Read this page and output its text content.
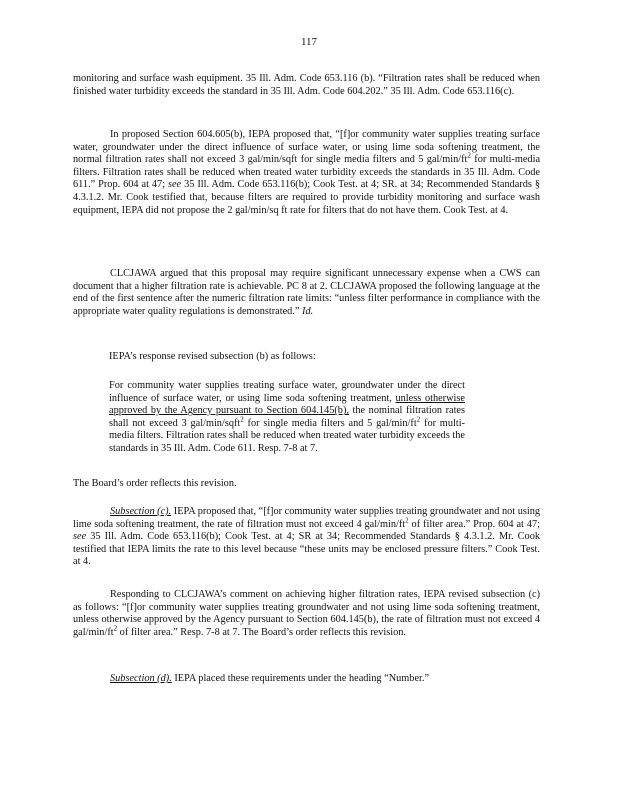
117

monitoring and surface wash equipment. 35 Ill. Adm. Code 653.116 (b). “Filtration rates shall be reduced when finished water turbidity exceeds the standard in 35 Ill. Adm. Code 604.202.” 35 Ill. Adm. Code 653.116(c).

In proposed Section 604.605(b), IEPA proposed that, “[f]or community water supplies treating surface water, groundwater under the direct influence of surface water, or using lime soda softening treatment, the normal filtration rates shall not exceed 3 gal/min/sqft for single media filters and 5 gal/$\min/ft^2$ for multi-media filters. Filtration rates shall be reduced when treated water turbidity exceeds the standards in 35 Ill. Adm. Code 611.” Prop. 604 at 47; see 35 Ill. Adm. Code 653.116(b); Cook Test. at 4; SR. at 34; Recommended Standards § 4.3.1.2. Mr. Cook testified that, because filters are required to provide turbidity monitoring and surface wash equipment, IEPA did not propose the 2 gal/min/sq ft rate for filters that do not have them. Cook Test. at 4.

CLCJAWA argued that this proposal may require significant unnecessary expense when a CWS can document that a higher filtration rate is achievable. PC 8 at 2. CLCJAWA proposed the following language at the end of the first sentence after the numeric filtration rate limits: “unless filter performance in compliance with the appropriate water quality regulations is demonstrated.” Id.

IEPA’s response revised subsection (b) as follows:

For community water supplies treating surface water, groundwater under the direct influence of surface water, or using lime soda softening treatment, unless otherwise approved by the Agency pursuant to Section 604.145(b), the nominal filtration rates shall not exceed 3 gal/min/sqft$^2$ for single media filters and 5 gal/$\min/ft^2$ for multi-media filters. Filtration rates shall be reduced when treated water turbidity exceeds the standards in 35 Ill. Adm. Code 611. Resp. 7-8 at 7.

The Board’s order reflects this revision.

Subsection (c). IEPA proposed that, “[f]or community water supplies treating groundwater and not using lime soda softening treatment, the rate of filtration must not exceed 4 gal/$\min/ft^2$ of filter area.” Prop. 604 at 47; see 35 Ill. Adm. Code 653.116(b); Cook Test. at 4; SR at 34; Recommended Standards § 4.3.1.2. Mr. Cook testified that IEPA limits the rate to this level because “these units may be enclosed pressure filters.” Cook Test. at 4.

Responding to CLCJAWA’s comment on achieving higher filtration rates, IEPA revised subsection (c) as follows: “[f]or community water supplies treating groundwater and not using lime soda softening treatment, unless otherwise approved by the Agency pursuant to Section 604.145(b), the rate of filtration must not exceed 4 gal/$\min/ft^2$ of filter area.” Resp. 7-8 at 7. The Board’s order reflects this revision.

Subsection (d). IEPA placed these requirements under the heading “Number.”
